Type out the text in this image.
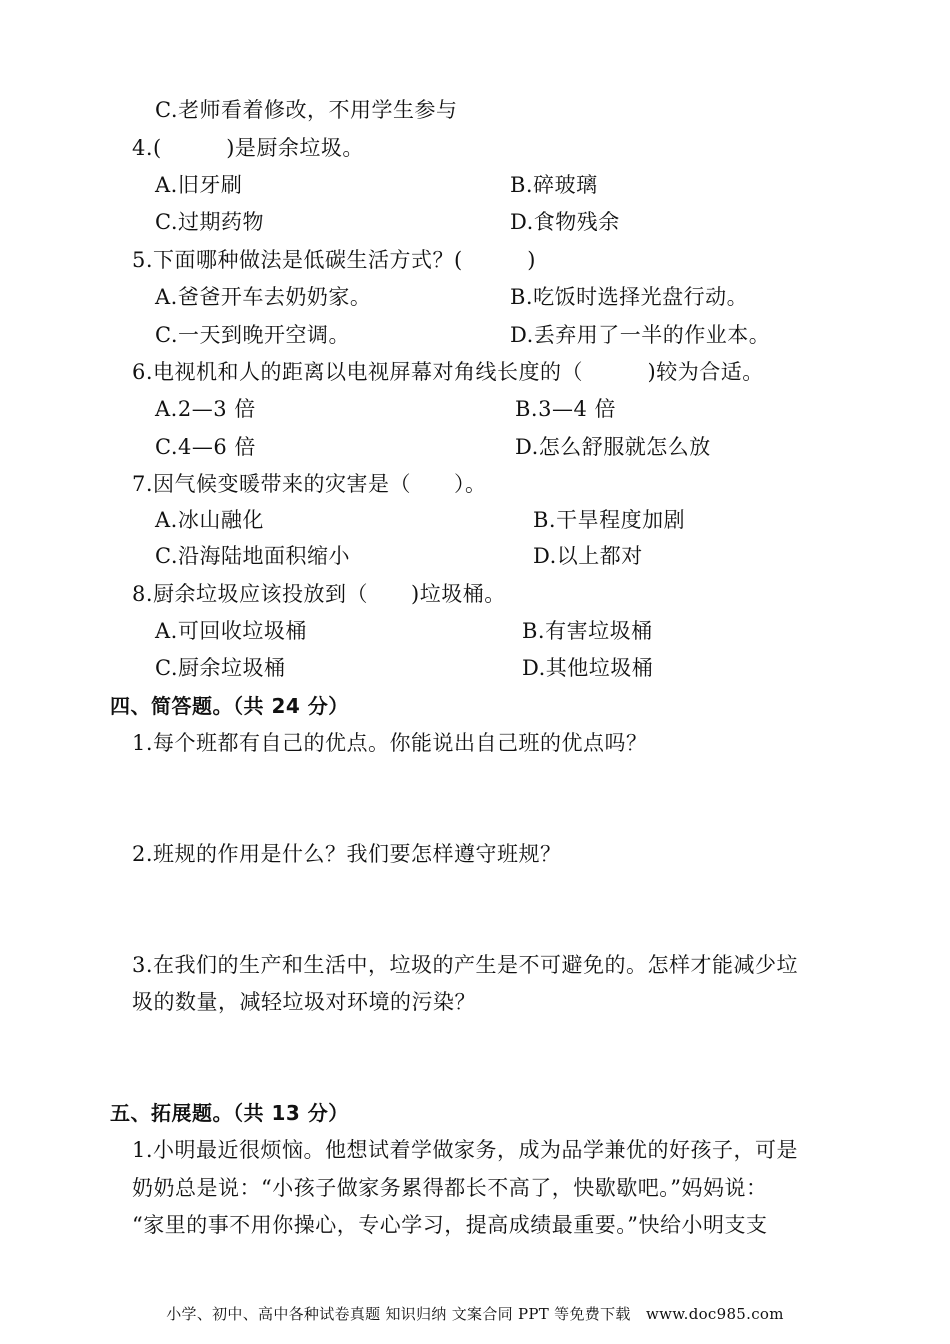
C.老师看着修改，不用学生参与
4.(　　　)是厨余垃圾。
A.旧牙刷	B.碎玻璃
C.过期药物	D.食物残余
5.下面哪种做法是低碳生活方式？(　　　)
A.爸爸开车去奶奶家。	B.吃饭时选择光盘行动。
C.一天到晚开空调。	D.丢弃用了一半的作业本。
6.电视机和人的距离以电视屏幕对角线长度的（　　　)较为合适。
A.2—3 倍	B.3—4 倍
C.4—6 倍	D.怎么舒服就怎么放
7.因气候变暖带来的灾害是（　　）。
A.冰山融化	B.干旱程度加剧
C.沿海陆地面积缩小	D.以上都对
8.厨余垃圾应该投放到（　　)垃圾桶。
A.可回收垃圾桶	B.有害垃圾桶
C.厨余垃圾桶	D.其他垃圾桶
四、简答题。（共 24 分）
1.每个班都有自己的优点。你能说出自己班的优点吗？
2.班规的作用是什么？我们要怎样遵守班规？
3.在我们的生产和生活中，垃圾的产生是不可避免的。怎样才能减少垃
圾的数量，减轻垃圾对环境的污染？
五、拓展题。（共 13 分）
1.小明最近很烦恼。他想试着学做家务，成为品学兼优的好孩子，可是
奶奶总是说：“小孩子做家务累得都长不高了，快歇歇吧。”妈妈说：
“家里的事不用你操心，专心学习，提高成绩最重要。”快给小明支支
小学、初中、高中各种试卷真题 知识归纳 文案合同 PPT 等免费下载　www.doc985.com
